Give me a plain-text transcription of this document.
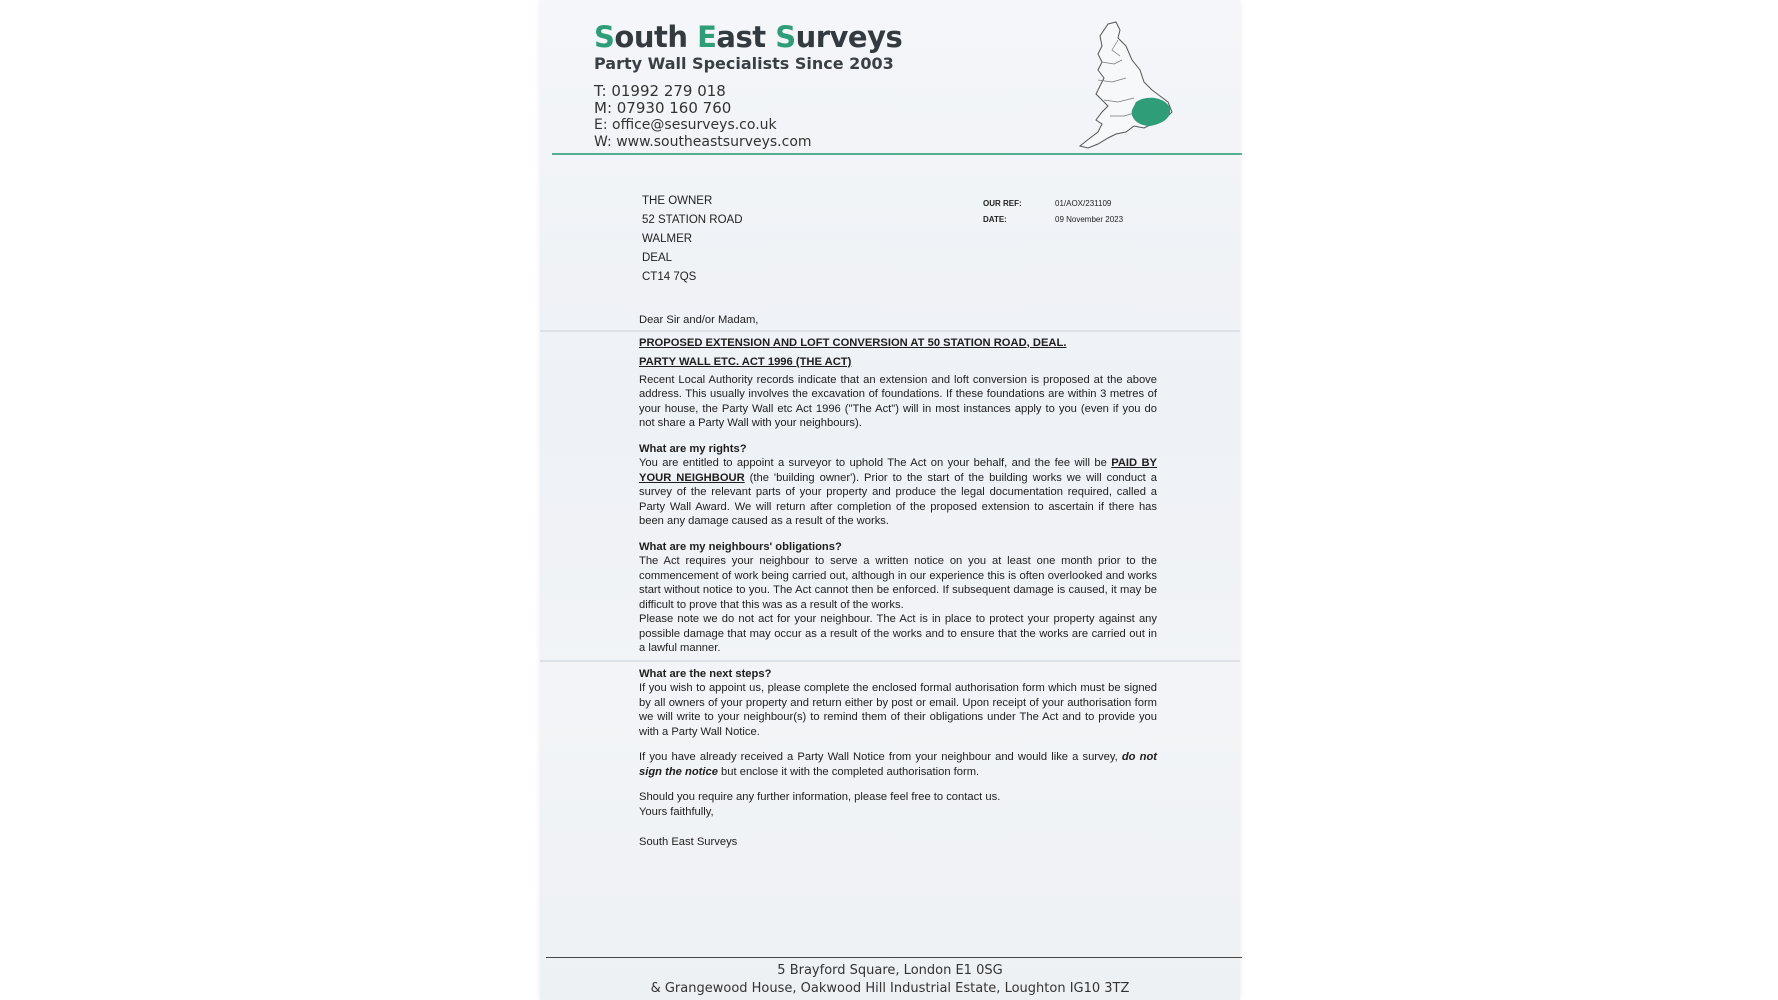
South East Surveys
Party Wall Specialists Since 2003
T: 01992 279 018
M: 07930 160 760
E: office@sesurveys.co.uk
W: www.southeastsurveys.com
THE OWNER
52 STATION ROAD
WALMER
DEAL
CT14 7QS
OUR REF:	01/AOX/231109
DATE:	09 November 2023

Dear Sir and/or Madam,

PROPOSED EXTENSION AND LOFT CONVERSION AT 50 STATION ROAD, DEAL.

PARTY WALL ETC. ACT 1996 (THE ACT)

Recent Local Authority records indicate that an extension and loft conversion is proposed at the above address. This usually involves the excavation of foundations. If these foundations are within 3 metres of your house, the Party Wall etc Act 1996 ("The Act") will in most instances apply to you (even if you do not share a Party Wall with your neighbours).

What are my rights?

You are entitled to appoint a surveyor to uphold The Act on your behalf, and the fee will be PAID BY YOUR NEIGHBOUR (the 'building owner'). Prior to the start of the building works we will conduct a survey of the relevant parts of your property and produce the legal documentation required, called a Party Wall Award. We will return after completion of the proposed extension to ascertain if there has been any damage caused as a result of the works.

What are my neighbours' obligations?

The Act requires your neighbour to serve a written notice on you at least one month prior to the commencement of work being carried out, although in our experience this is often overlooked and works start without notice to you. The Act cannot then be enforced. If subsequent damage is caused, it may be difficult to prove that this was as a result of the works.

Please note we do not act for your neighbour. The Act is in place to protect your property against any possible damage that may occur as a result of the works and to ensure that the works are carried out in a lawful manner.

What are the next steps?

If you wish to appoint us, please complete the enclosed formal authorisation form which must be signed by all owners of your property and return either by post or email. Upon receipt of your authorisation form we will write to your neighbour(s) to remind them of their obligations under The Act and to provide you with a Party Wall Notice.

If you have already received a Party Wall Notice from your neighbour and would like a survey, do not sign the notice but enclose it with the completed authorisation form.

Should you require any further information, please feel free to contact us.

Yours faithfully,

South East Surveys

5 Brayford Square, London E1 0SG
& Grangewood House, Oakwood Hill Industrial Estate, Loughton IG10 3TZ
